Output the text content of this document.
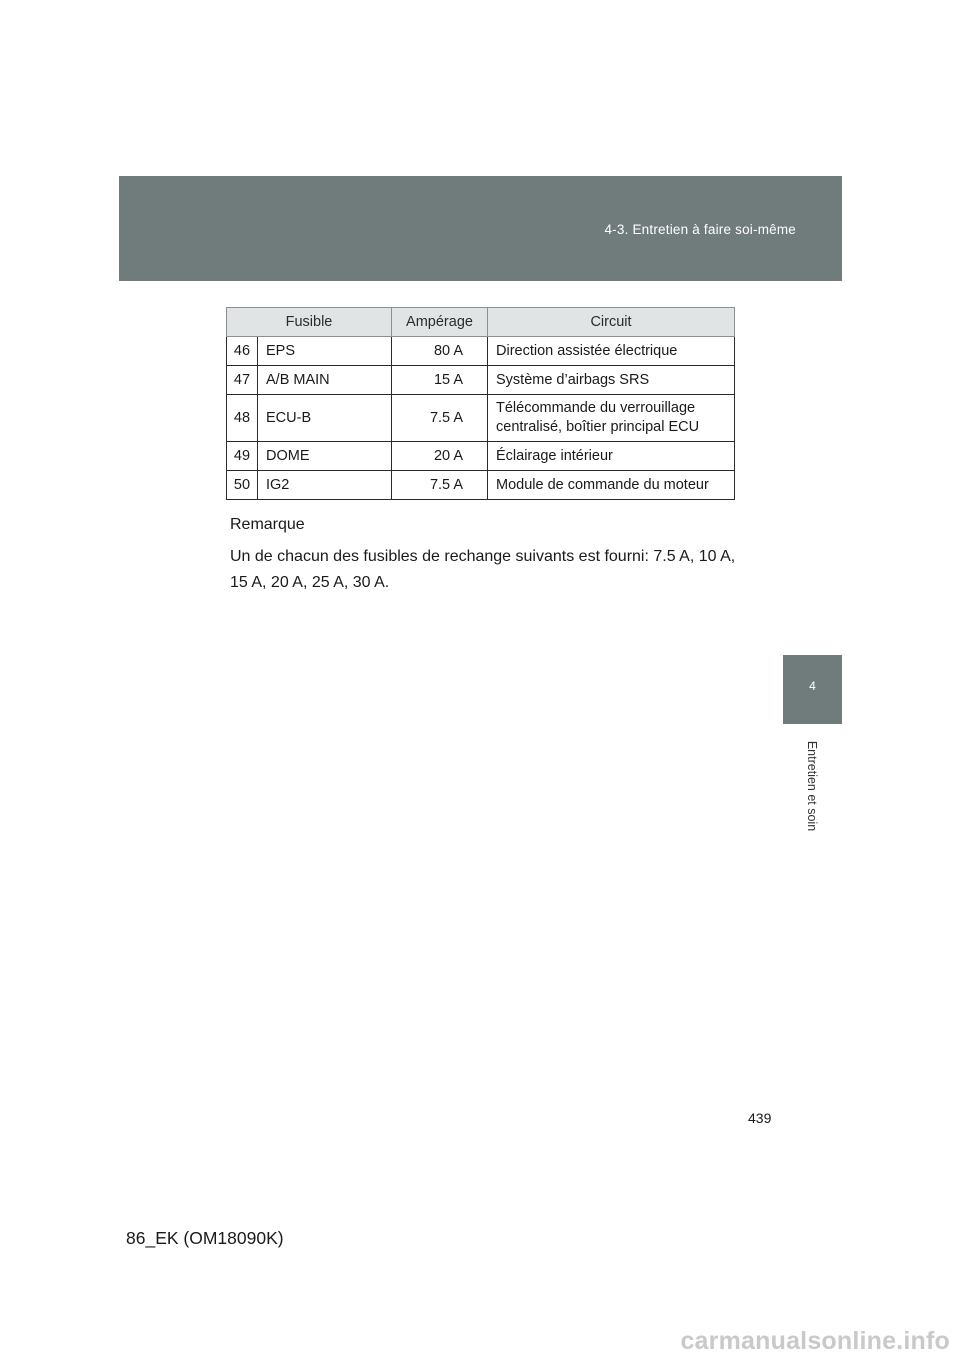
4-3. Entretien à faire soi-même
4
Entretien et soin
Fusible		Ampérage	Circuit
46	EPS	80 A	Direction assistée électrique
47	A/B MAIN	15 A	Système d’airbags SRS
48	ECU-B	7.5 A	Télécommande du verrouillage centralisé, boîtier principal ECU
49	DOME	20 A	Éclairage intérieur
50	IG2	7.5 A	Module de commande du moteur

Remarque

Un de chacun des fusibles de rechange suivants est fourni: 7.5 A, 10 A, 15 A, 20 A, 25 A, 30 A.

439
86_EK (OM18090K)
carmanualsonline.info
